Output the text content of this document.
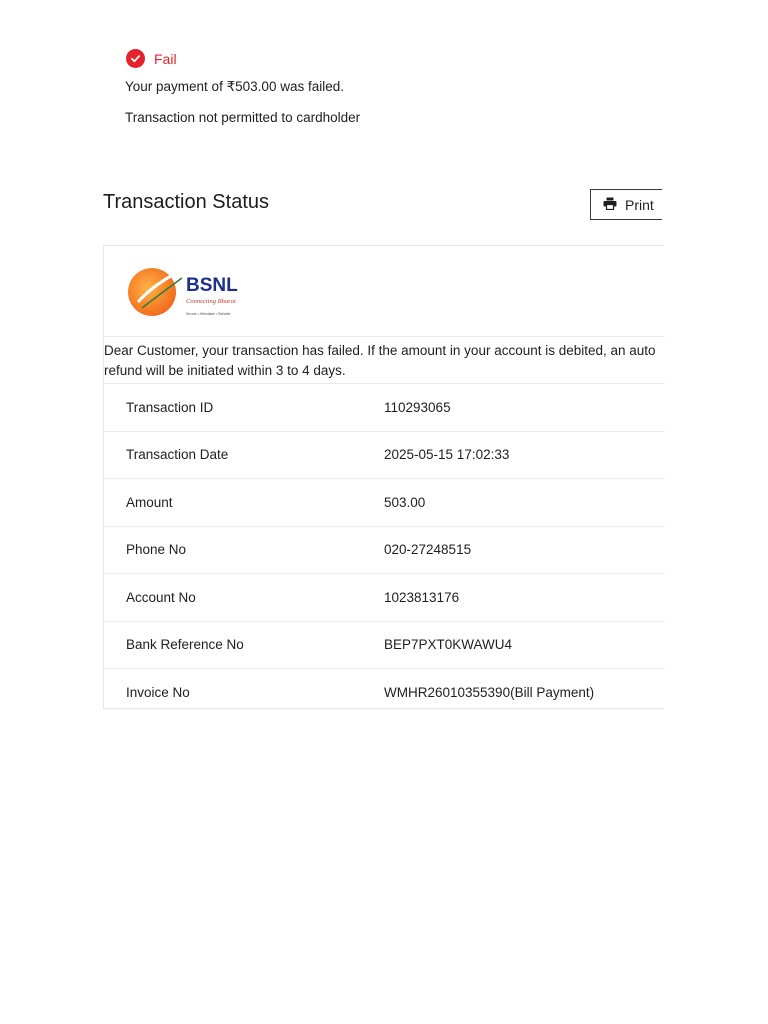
Fail
Your payment of ₹503.00 was failed.
Transaction not permitted to cardholder
Transaction Status	Print
BSNL
Connecting Bharat
Secure • Affordable • Reliable
Dear Customer, your transaction has failed. If the amount in your account is debited, an auto refund will be initiated within 3 to 4 days.
Transaction ID	110293065
Transaction Date	2025-05-15 17:02:33
Amount	503.00
Phone No	020-27248515
Account No	1023813176
Bank Reference No	BEP7PXT0KWAWU4
Invoice No	WMHR26010355390(Bill Payment)
